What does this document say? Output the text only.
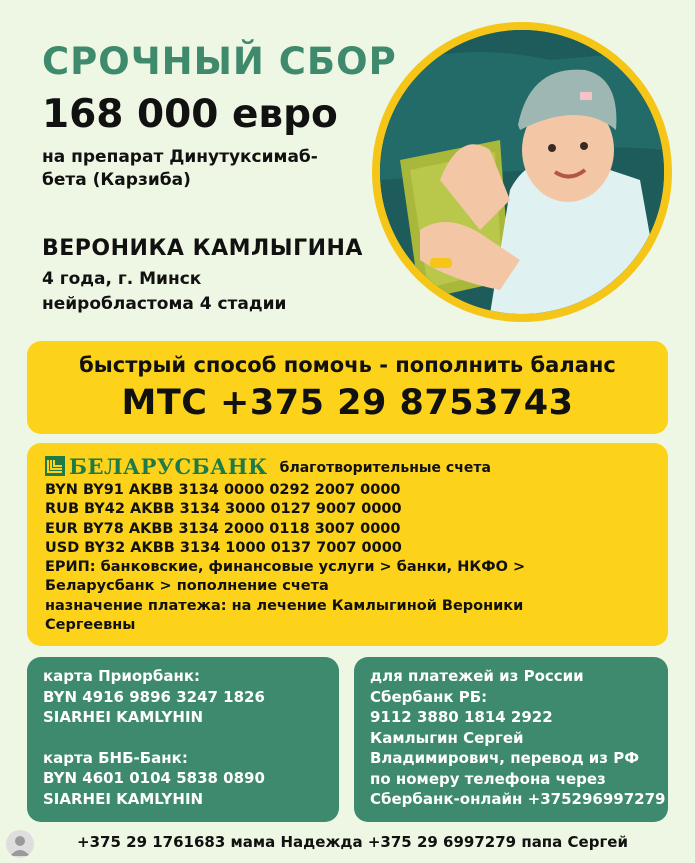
СРОЧНЫЙ СБОР
168 000 евро
на препарат Динутуксимаб-
бета (Карзиба)
ВЕРОНИКА КАМЛЫГИНА
4 года, г. Минск
нейробластома 4 стадии
быстрый способ помочь - пополнить баланс
МТС +375 29 8753743
БЕЛАРУСБАНК благотворительные счета
BYN BY91 AKBB 3134 0000 0292 2007 0000
RUB BY42 AKBB 3134 3000 0127 9007 0000
EUR BY78 AKBB 3134 2000 0118 3007 0000
USD BY32 AKBB 3134 1000 0137 7007 0000
ЕРИП: банковские, финансовые услуги > банки, НКФО >
Беларусбанк > пополнение счета
назначение платежа: на лечение Камлыгиной Вероники
Сергеевны
карта Приорбанк:
BYN 4916 9896 3247 1826
SIARHEI KAMLYHIN
карта БНБ-Банк:
BYN 4601 0104 5838 0890
SIARHEI KAMLYHIN
для платежей из России
Сбербанк РБ:
9112 3880 1814 2922
Камлыгин Сергей
Владимирович, перевод из РФ
по номеру телефона через
Сбербанк-онлайн +375296997279
+375 29 1761683 мама Надежда +375 29 6997279 папа Сергей
